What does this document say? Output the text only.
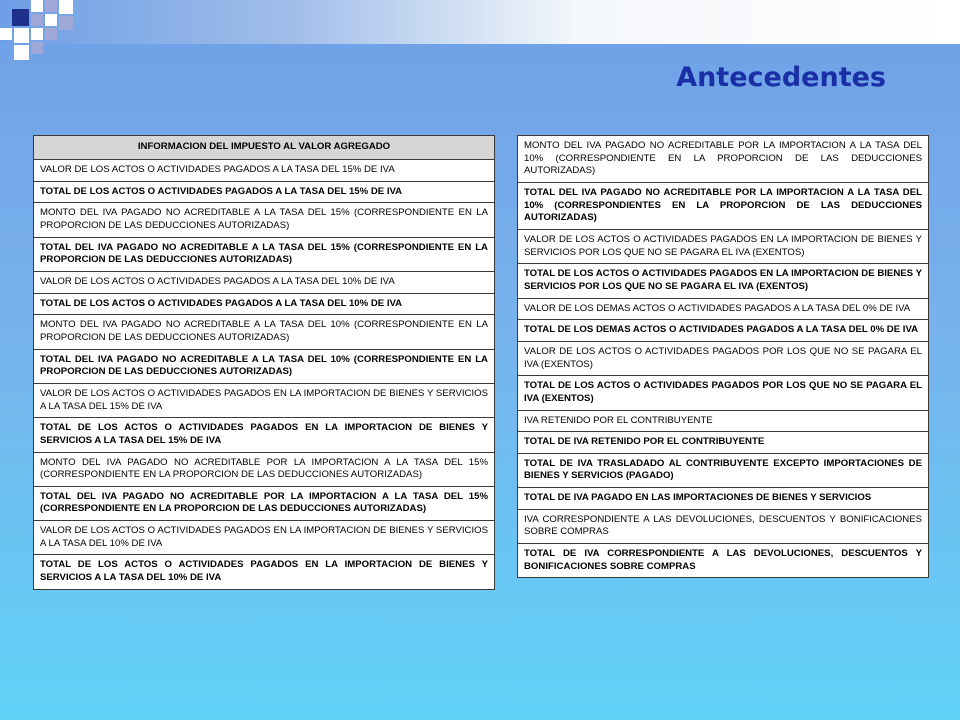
Antecedentes
INFORMACION DEL IMPUESTO AL VALOR AGREGADO
VALOR DE LOS ACTOS O ACTIVIDADES PAGADOS A LA TASA DEL 15% DE IVA
TOTAL DE LOS ACTOS O ACTIVIDADES PAGADOS A LA TASA DEL 15% DE IVA
MONTO DEL IVA PAGADO NO ACREDITABLE A LA TASA DEL 15% (CORRESPONDIENTE EN LA PROPORCION DE LAS DEDUCCIONES AUTORIZADAS)
TOTAL DEL IVA PAGADO NO ACREDITABLE A LA TASA DEL 15% (CORRESPONDIENTE EN LA PROPORCION DE LAS DEDUCCIONES AUTORIZADAS)
VALOR DE LOS ACTOS O ACTIVIDADES PAGADOS A LA TASA DEL 10% DE IVA
TOTAL DE LOS ACTOS O ACTIVIDADES PAGADOS A LA TASA DEL 10% DE IVA
MONTO DEL IVA PAGADO NO ACREDITABLE A LA TASA DEL 10% (CORRESPONDIENTE EN LA PROPORCION DE LAS DEDUCCIONES AUTORIZADAS)
TOTAL DEL IVA PAGADO NO ACREDITABLE A LA TASA DEL 10% (CORRESPONDIENTE EN LA PROPORCION DE LAS DEDUCCIONES AUTORIZADAS)
VALOR DE LOS ACTOS O ACTIVIDADES PAGADOS EN LA IMPORTACION DE BIENES Y SERVICIOS A LA TASA DEL 15% DE IVA
TOTAL DE LOS ACTOS O ACTIVIDADES PAGADOS EN LA IMPORTACION DE BIENES Y SERVICIOS A LA TASA DEL 15% DE IVA
MONTO DEL IVA PAGADO NO ACREDITABLE POR LA IMPORTACION A LA TASA DEL 15% (CORRESPONDIENTE EN LA PROPORCION DE LAS DEDUCCIONES AUTORIZADAS)
TOTAL DEL IVA PAGADO NO ACREDITABLE POR LA IMPORTACION A LA TASA DEL 15% (CORRESPONDIENTE EN LA PROPORCION DE LAS DEDUCCIONES AUTORIZADAS)
VALOR DE LOS ACTOS O ACTIVIDADES PAGADOS EN LA IMPORTACION DE BIENES Y SERVICIOS A LA TASA DEL 10% DE IVA
TOTAL DE LOS ACTOS O ACTIVIDADES PAGADOS EN LA IMPORTACION DE BIENES Y SERVICIOS A LA TASA DEL 10% DE IVA
MONTO DEL IVA PAGADO NO ACREDITABLE POR LA IMPORTACION A LA TASA DEL 10% (CORRESPONDIENTE EN LA PROPORCION DE LAS DEDUCCIONES AUTORIZADAS)
TOTAL DEL IVA PAGADO NO ACREDITABLE POR LA IMPORTACION A LA TASA DEL 10% (CORRESPONDIENTES EN LA PROPORCION DE LAS DEDUCCIONES AUTORIZADAS)
VALOR DE LOS ACTOS O ACTIVIDADES PAGADOS EN LA IMPORTACION DE BIENES Y SERVICIOS POR LOS QUE NO SE PAGARA EL IVA (EXENTOS)
TOTAL DE LOS ACTOS O ACTIVIDADES PAGADOS EN LA IMPORTACION DE BIENES Y SERVICIOS POR LOS QUE NO SE PAGARA EL IVA (EXENTOS)
VALOR DE LOS DEMAS ACTOS O ACTIVIDADES PAGADOS A LA TASA DEL 0% DE IVA
TOTAL DE LOS DEMAS ACTOS O ACTIVIDADES PAGADOS A LA TASA DEL 0% DE IVA
VALOR DE LOS ACTOS O ACTIVIDADES PAGADOS POR LOS QUE NO SE PAGARA EL IVA (EXENTOS)
TOTAL DE LOS ACTOS O ACTIVIDADES PAGADOS POR LOS QUE NO SE PAGARA EL IVA (EXENTOS)
IVA RETENIDO POR EL CONTRIBUYENTE
TOTAL DE IVA RETENIDO POR EL CONTRIBUYENTE
TOTAL DE IVA TRASLADADO AL CONTRIBUYENTE EXCEPTO IMPORTACIONES DE BIENES Y SERVICIOS (PAGADO)
TOTAL DE IVA PAGADO EN LAS IMPORTACIONES DE BIENES Y SERVICIOS
IVA CORRESPONDIENTE A LAS DEVOLUCIONES, DESCUENTOS Y BONIFICACIONES SOBRE COMPRAS
TOTAL DE IVA CORRESPONDIENTE A LAS DEVOLUCIONES, DESCUENTOS Y BONIFICACIONES SOBRE COMPRAS
